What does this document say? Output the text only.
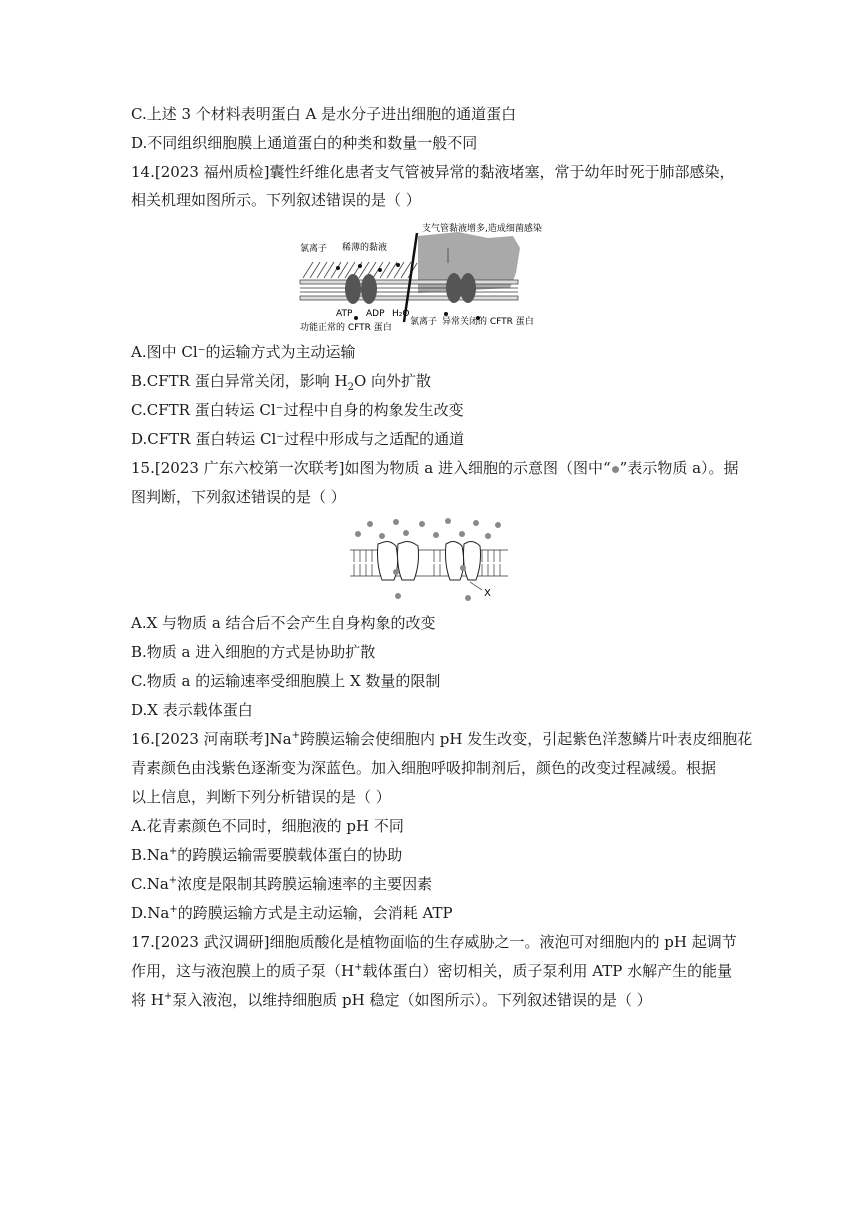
C.上述 3 个材料表明蛋白 A 是水分子进出细胞的通道蛋白
D.不同组织细胞膜上通道蛋白的种类和数量一般不同
14.[2023 福州质检]囊性纤维化患者支气管被异常的黏液堵塞，常于幼年时死于肺部感染，
相关机理如图所示。下列叙述错误的是（ ）
氯离子 稀薄的黏液
支气管黏液增多,造成细菌感染
ATP ADP H₂O
功能正常的 CFTR 蛋白
氯离子 异常关闭的 CFTR 蛋白
A.图中 Cl⁻的运输方式为主动运输
B.CFTR 蛋白异常关闭，影响 $H_2O$ 向外扩散
C.CFTR 蛋白转运 Cl⁻过程中自身的构象发生改变
D.CFTR 蛋白转运 Cl⁻过程中形成与之适配的通道
15.[2023 广东六校第一次联考]如图为物质 a 进入细胞的示意图（图中“ ”表示物质 a）。据
图判断，下列叙述错误的是（ ）
X
A.X 与物质 a 结合后不会产生自身构象的改变
B.物质 a 进入细胞的方式是协助扩散
C.物质 a 的运输速率受细胞膜上 X 数量的限制
D.X 表示载体蛋白
16.[2023 河南联考]Na+跨膜运输会使细胞内 pH 发生改变，引起紫色洋葱鳞片叶表皮细胞花
青素颜色由浅紫色逐渐变为深蓝色。加入细胞呼吸抑制剂后，颜色的改变过程减缓。根据
以上信息，判断下列分析错误的是（ ）
A.花青素颜色不同时，细胞液的 pH 不同
B.Na+的跨膜运输需要膜载体蛋白的协助
C.Na+浓度是限制其跨膜运输速率的主要因素
D.Na+的跨膜运输方式是主动运输，会消耗 ATP
17.[2023 武汉调研]细胞质酸化是植物面临的生存威胁之一。液泡可对细胞内的 pH 起调节
作用，这与液泡膜上的质子泵（H+载体蛋白）密切相关，质子泵利用 ATP 水解产生的能量
将 H+泵入液泡，以维持细胞质 pH 稳定（如图所示）。下列叙述错误的是（ ）
